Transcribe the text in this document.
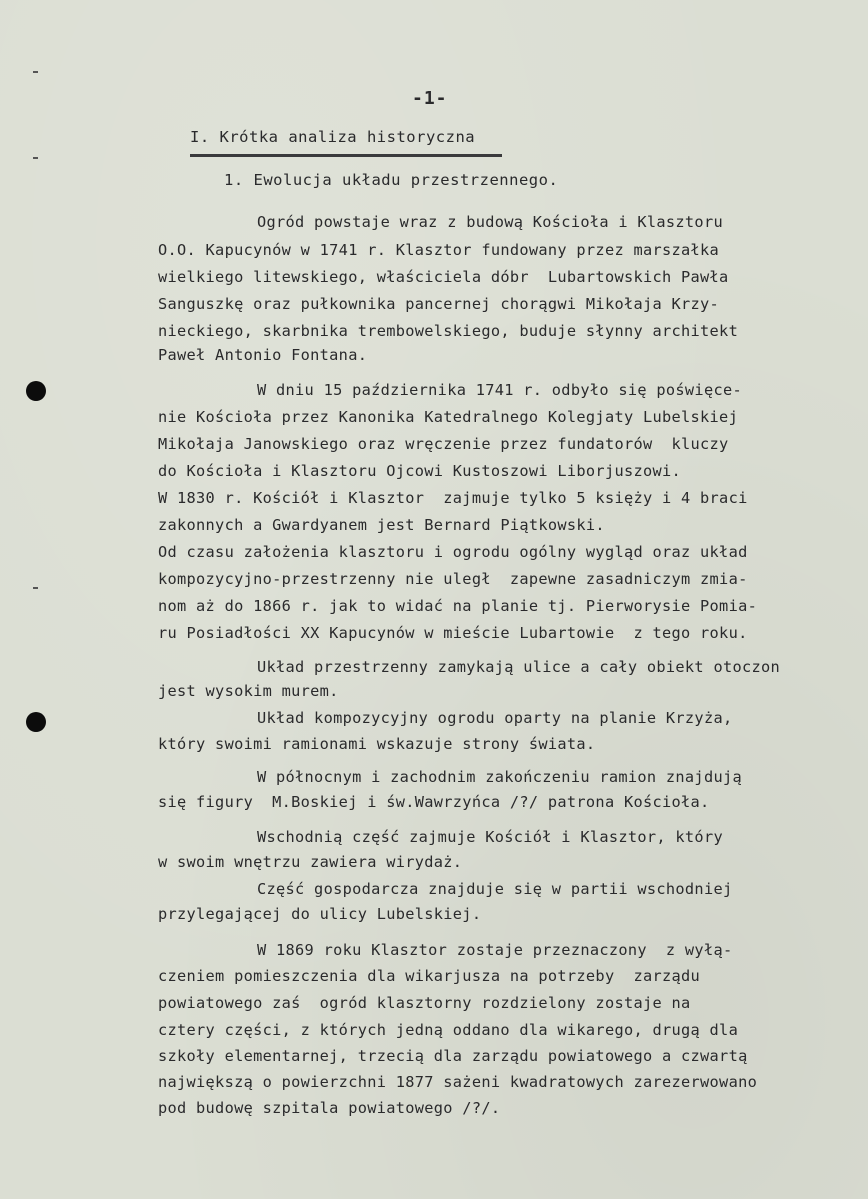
-1-
I. Krótka analiza historyczna
1. Ewolucja układu przestrzennego.
Ogród powstaje wraz z budową Kościoła i Klasztoru
O.O. Kapucynów w 1741 r. Klasztor fundowany przez marszałka
wielkiego litewskiego, właściciela dóbr  Lubartowskich Pawła
Sanguszkę oraz pułkownika pancernej chorągwi Mikołaja Krzy-
nieckiego, skarbnika trembowelskiego, buduje słynny architekt
Paweł Antonio Fontana.
W dniu 15 października 1741 r. odbyło się poświęce-
nie Kościoła przez Kanonika Katedralnego Kolegjaty Lubelskiej
Mikołaja Janowskiego oraz wręczenie przez fundatorów  kluczy
do Kościoła i Klasztoru Ojcowi Kustoszowi Liborjuszowi.
W 1830 r. Kościół i Klasztor  zajmuje tylko 5 księży i 4 braci
zakonnych a Gwardyanem jest Bernard Piątkowski.
Od czasu założenia klasztoru i ogrodu ogólny wygląd oraz układ
kompozycyjno-przestrzenny nie uległ  zapewne zasadniczym zmia-
nom aż do 1866 r. jak to widać na planie tj. Pierworysie Pomia-
ru Posiadłości XX Kapucynów w mieście Lubartowie  z tego roku.
Układ przestrzenny zamykają ulice a cały obiekt otoczon
jest wysokim murem.
Układ kompozycyjny ogrodu oparty na planie Krzyża,
który swoimi ramionami wskazuje strony świata.
W północnym i zachodnim zakończeniu ramion znajdują
się figury  M.Boskiej i św.Wawrzyńca /?/ patrona Kościoła.
Wschodnią część zajmuje Kościół i Klasztor, który
w swoim wnętrzu zawiera wirydaż.
Część gospodarcza znajduje się w partii wschodniej
przylegającej do ulicy Lubelskiej.
W 1869 roku Klasztor zostaje przeznaczony  z wyłą-
czeniem pomieszczenia dla wikarjusza na potrzeby  zarządu
powiatowego zaś  ogród klasztorny rozdzielony zostaje na
cztery części, z których jedną oddano dla wikarego, drugą dla
szkoły elementarnej, trzecią dla zarządu powiatowego a czwartą
największą o powierzchni 1877 sażeni kwadratowych zarezerwowano
pod budowę szpitala powiatowego /?/.
